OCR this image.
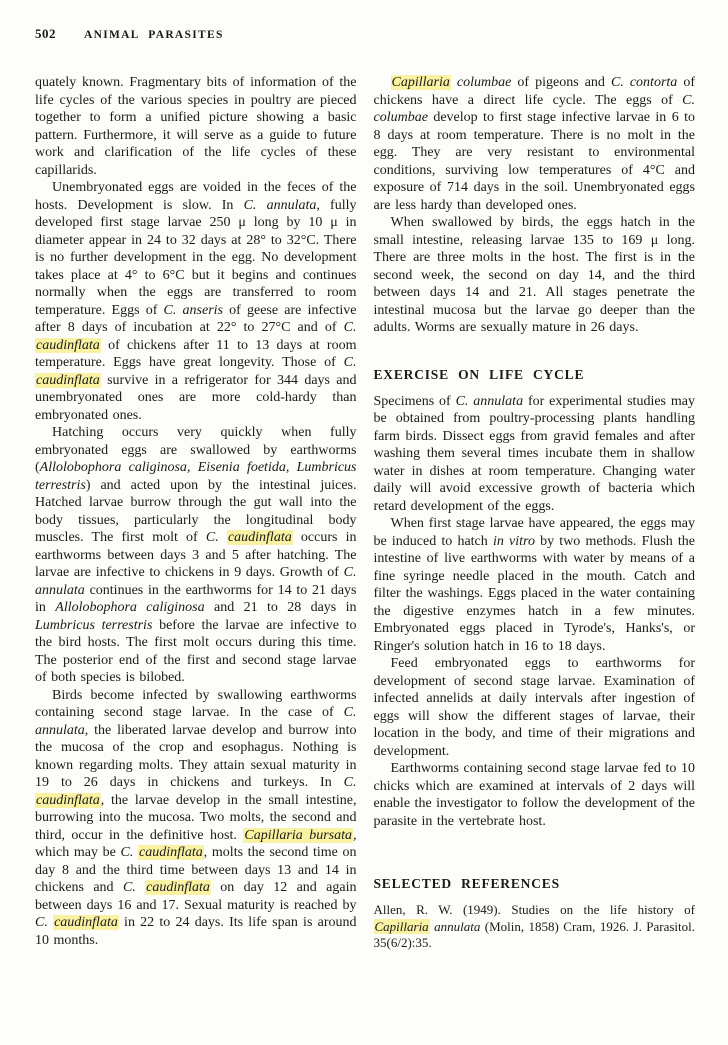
502 ANIMAL PARASITES

quately known. Fragmentary bits of information of the life cycles of the various species in poultry are pieced together to form a unified picture showing a basic pattern. Furthermore, it will serve as a guide to future work and clarification of the life cycles of these capillarids.

Unembryonated eggs are voided in the feces of the hosts. Development is slow. In C. annulata, fully developed first stage larvae 250 μ long by 10 μ in diameter appear in 24 to 32 days at 28° to 32°C. There is no further development in the egg. No development takes place at 4° to 6°C but it begins and continues normally when the eggs are transferred to room temperature. Eggs of C. anseris of geese are infective after 8 days of incubation at 22° to 27°C and of C. caudinflata of chickens after 11 to 13 days at room temperature. Eggs have great longevity. Those of C. caudinflata survive in a refrigerator for 344 days and unembryonated ones are more cold-hardy than embryonated ones.

Hatching occurs very quickly when fully embryonated eggs are swallowed by earthworms (Allolobophora caliginosa, Eisenia foetida, Lumbricus terrestris) and acted upon by the intestinal juices. Hatched larvae burrow through the gut wall into the body tissues, particularly the longitudinal body muscles. The first molt of C. caudinflata occurs in earthworms between days 3 and 5 after hatching. The larvae are infective to chickens in 9 days. Growth of C. annulata continues in the earthworms for 14 to 21 days in Allolobophora caliginosa and 21 to 28 days in Lumbricus terrestris before the larvae are infective to the bird hosts. The first molt occurs during this time. The posterior end of the first and second stage larvae of both species is bilobed.

Birds become infected by swallowing earthworms containing second stage larvae. In the case of C. annulata, the liberated larvae develop and burrow into the mucosa of the crop and esophagus. Nothing is known regarding molts. They attain sexual maturity in 19 to 26 days in chickens and turkeys. In C. caudinflata, the larvae develop in the small intestine, burrowing into the mucosa. Two molts, the second and third, occur in the definitive host. Capillaria bursata, which may be C. caudinflata, molts the second time on day 8 and the third time between days 13 and 14 in chickens and C. caudinflata on day 12 and again between days 16 and 17. Sexual maturity is reached by C. caudinflata in 22 to 24 days. Its life span is around 10 months.

Capillaria columbae of pigeons and C. contorta of chickens have a direct life cycle. The eggs of C. columbae develop to first stage infective larvae in 6 to 8 days at room temperature. There is no molt in the egg. They are very resistant to environmental conditions, surviving low temperatures of 4°C and exposure of 714 days in the soil. Unembryonated eggs are less hardy than developed ones.

When swallowed by birds, the eggs hatch in the small intestine, releasing larvae 135 to 169 μ long. There are three molts in the host. The first is in the second week, the second on day 14, and the third between days 14 and 21. All stages penetrate the intestinal mucosa but the larvae go deeper than the adults. Worms are sexually mature in 26 days.

EXERCISE ON LIFE CYCLE

Specimens of C. annulata for experimental studies may be obtained from poultry-processing plants handling farm birds. Dissect eggs from gravid females and after washing them several times incubate them in shallow water in dishes at room temperature. Changing water daily will avoid excessive growth of bacteria which retard development of the eggs.

When first stage larvae have appeared, the eggs may be induced to hatch in vitro by two methods. Flush the intestine of live earthworms with water by means of a fine syringe needle placed in the mouth. Catch and filter the washings. Eggs placed in the water containing the digestive enzymes hatch in a few minutes. Embryonated eggs placed in Tyrode's, Hanks's, or Ringer's solution hatch in 16 to 18 days.

Feed embryonated eggs to earthworms for development of second stage larvae. Examination of infected annelids at daily intervals after ingestion of eggs will show the different stages of larvae, their location in the body, and time of their migrations and development.

Earthworms containing second stage larvae fed to 10 chicks which are examined at intervals of 2 days will enable the investigator to follow the development of the parasite in the vertebrate host.

SELECTED REFERENCES

Allen, R. W. (1949). Studies on the life history of Capillaria annulata (Molin, 1858) Cram, 1926. J. Parasitol. 35(6/2):35.
